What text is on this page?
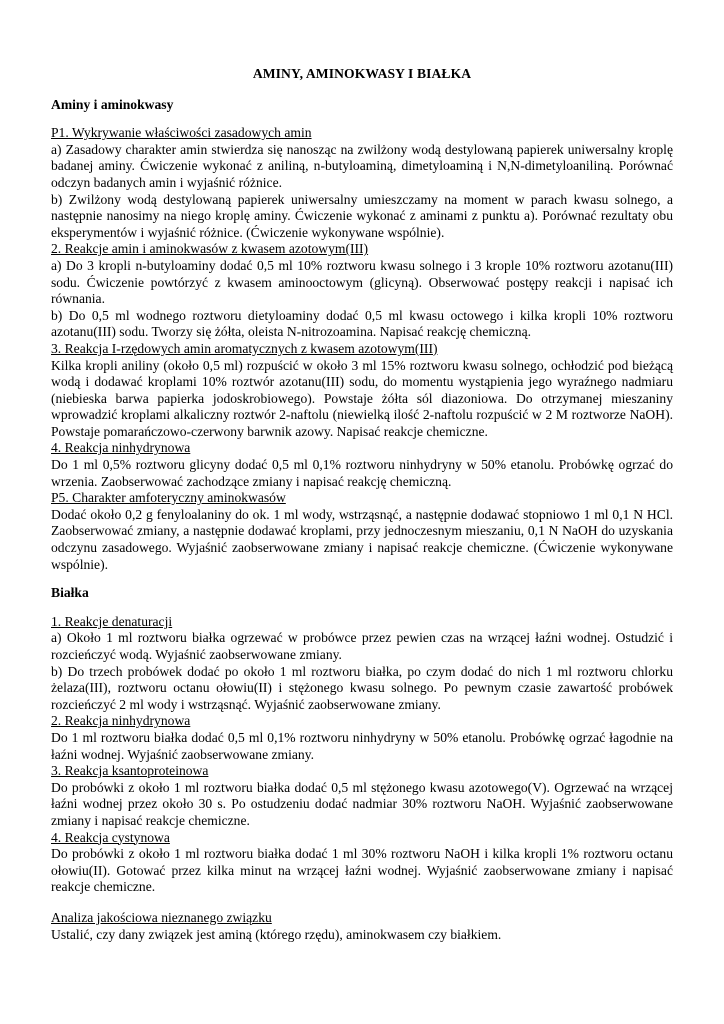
AMINY, AMINOKWASY I BIAŁKA
Aminy i aminokwasy
P1. Wykrywanie właściwości zasadowych amin

a) Zasadowy charakter amin stwierdza się nanosząc na zwilżony wodą destylowaną papierek uniwersalny kroplę badanej aminy. Ćwiczenie wykonać z aniliną, n-butyloaminą, dimetyloaminą i N,N-dimetyloaniliną. Porównać odczyn badanych amin i wyjaśnić różnice.

b) Zwilżony wodą destylowaną papierek uniwersalny umieszczamy na moment w parach kwasu solnego, a następnie nanosimy na niego kroplę aminy. Ćwiczenie wykonać z aminami z punktu a). Porównać rezultaty obu eksperymentów i wyjaśnić różnice. (Ćwiczenie wykonywane wspólnie).

2. Reakcje amin i aminokwasów z kwasem azotowym(III)

a) Do 3 kropli n-butyloaminy dodać 0,5 ml 10% roztworu kwasu solnego i 3 krople 10% roztworu azotanu(III) sodu. Ćwiczenie powtórzyć z kwasem aminooctowym (glicyną). Obserwować postępy reakcji i napisać ich równania.

b) Do 0,5 ml wodnego roztworu dietyloaminy dodać 0,5 ml kwasu octowego i kilka kropli 10% roztworu azotanu(III) sodu. Tworzy się żółta, oleista N-nitrozoamina. Napisać reakcję chemiczną.

3. Reakcja I-rzędowych amin aromatycznych z kwasem azotowym(III)

Kilka kropli aniliny (około 0,5 ml) rozpuścić w około 3 ml 15% roztworu kwasu solnego, ochłodzić pod bieżącą wodą i dodawać kroplami 10% roztwór azotanu(III) sodu, do momentu wystąpienia jego wyraźnego nadmiaru (niebieska barwa papierka jodoskrobiowego). Powstaje żółta sól diazoniowa. Do otrzymanej mieszaniny wprowadzić kroplami alkaliczny roztwór 2-naftolu (niewielką ilość 2-naftolu rozpuścić w 2 M roztworze NaOH). Powstaje pomarańczowo-czerwony barwnik azowy. Napisać reakcje chemiczne.

4. Reakcja ninhydrynowa

Do 1 ml 0,5% roztworu glicyny dodać 0,5 ml 0,1% roztworu ninhydryny w 50% etanolu. Probówkę ogrzać do wrzenia. Zaobserwować zachodzące zmiany i napisać reakcję chemiczną.

P5. Charakter amfoteryczny aminokwasów

Dodać około 0,2 g fenyloalaniny do ok. 1 ml wody, wstrząsnąć, a następnie dodawać stopniowo 1 ml 0,1 N HCl. Zaobserwować zmiany, a następnie dodawać kroplami, przy jednoczesnym mieszaniu, 0,1 N NaOH do uzyskania odczynu zasadowego. Wyjaśnić zaobserwowane zmiany i napisać reakcje chemiczne. (Ćwiczenie wykonywane wspólnie).

Białka
1. Reakcje denaturacji

a) Około 1 ml roztworu białka ogrzewać w probówce przez pewien czas na wrzącej łaźni wodnej. Ostudzić i rozcieńczyć wodą. Wyjaśnić zaobserwowane zmiany.

b) Do trzech probówek dodać po około 1 ml roztworu białka, po czym dodać do nich 1 ml roztworu chlorku żelaza(III), roztworu octanu ołowiu(II) i stężonego kwasu solnego. Po pewnym czasie zawartość probówek rozcieńczyć 2 ml wody i wstrząsnąć. Wyjaśnić zaobserwowane zmiany.

2. Reakcja ninhydrynowa

Do 1 ml roztworu białka dodać 0,5 ml 0,1% roztworu ninhydryny w 50% etanolu. Probówkę ogrzać łagodnie na łaźni wodnej. Wyjaśnić zaobserwowane zmiany.

3. Reakcja ksantoproteinowa

Do probówki z około 1 ml roztworu białka dodać 0,5 ml stężonego kwasu azotowego(V). Ogrzewać na wrzącej łaźni wodnej przez około 30 s. Po ostudzeniu dodać nadmiar 30% roztworu NaOH. Wyjaśnić zaobserwowane zmiany i napisać reakcje chemiczne.

4. Reakcja cystynowa

Do probówki z około 1 ml roztworu białka dodać 1 ml 30% roztworu NaOH i kilka kropli 1% roztworu octanu ołowiu(II). Gotować przez kilka minut na wrzącej łaźni wodnej. Wyjaśnić zaobserwowane zmiany i napisać reakcje chemiczne.

Analiza jakościowa nieznanego związku

Ustalić, czy dany związek jest aminą (którego rzędu), aminokwasem czy białkiem.
